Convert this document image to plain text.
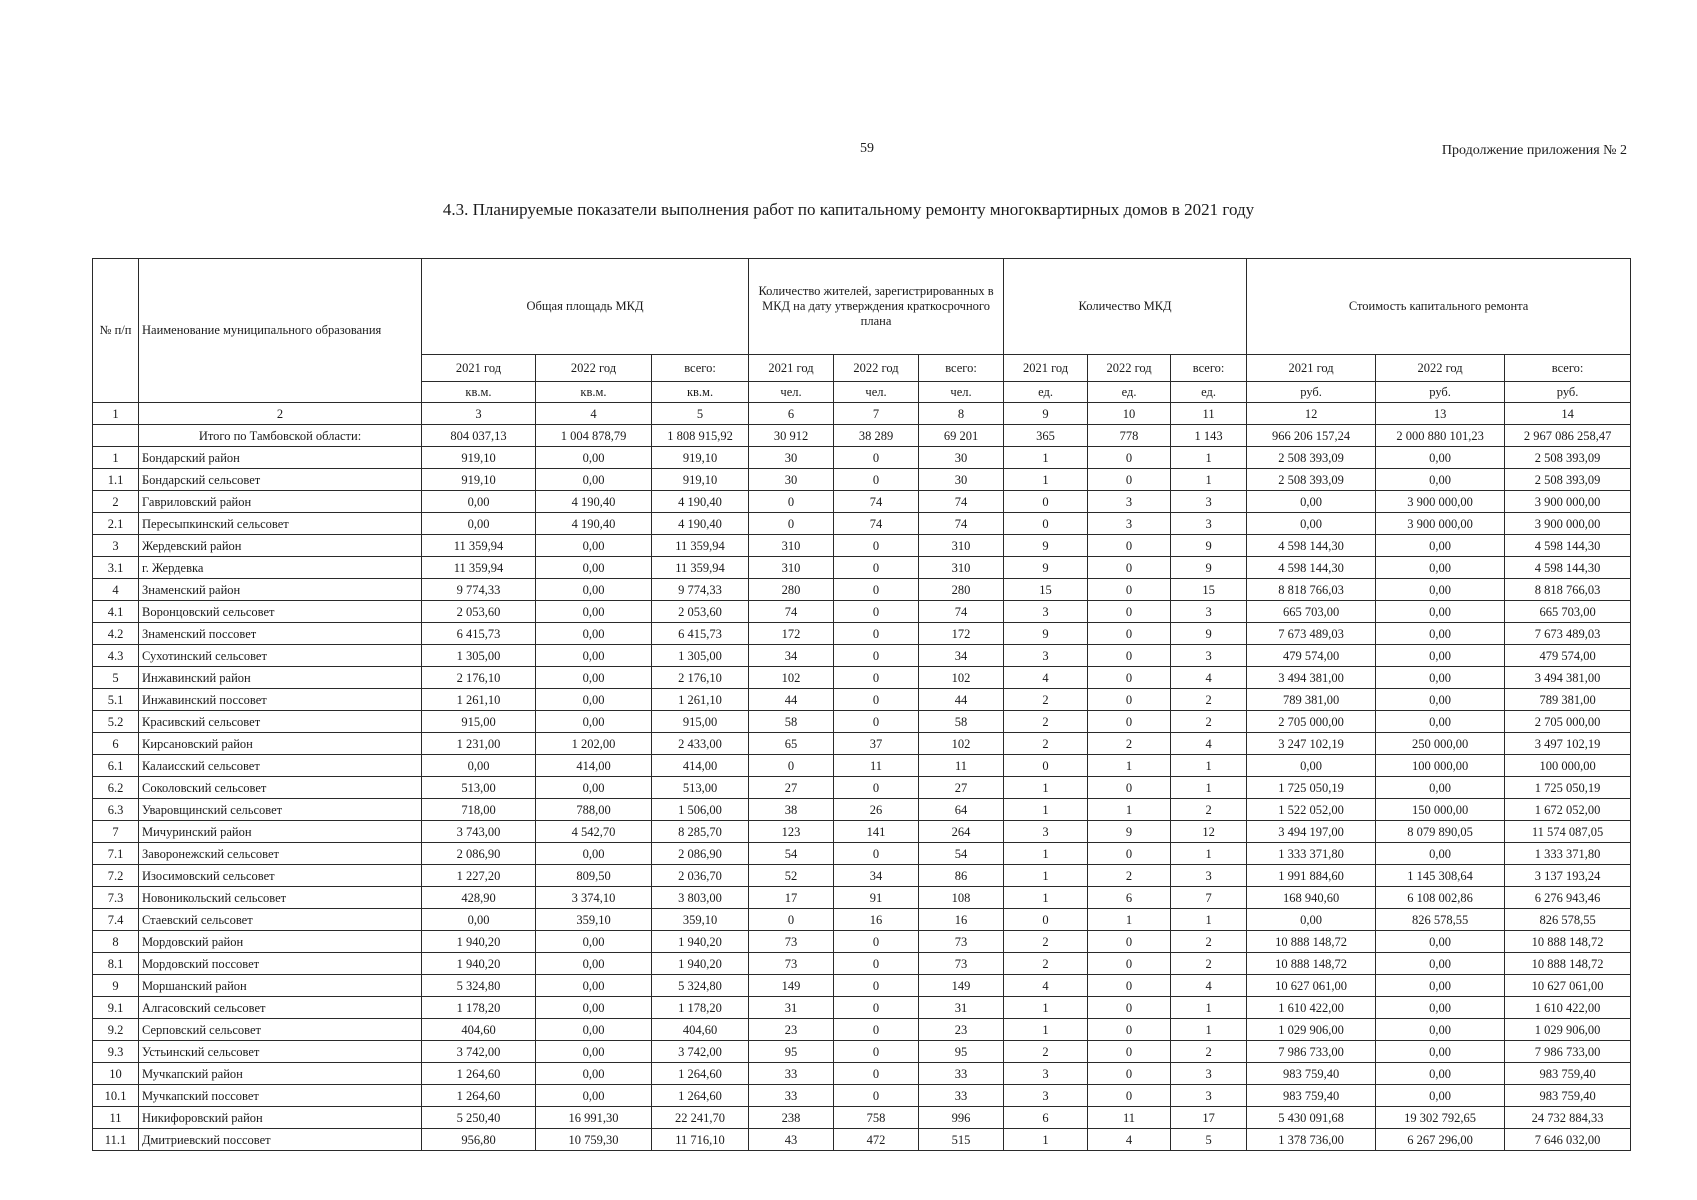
59	Продолжение приложения № 2
4.3. Планируемые показатели выполнения работ по капитальному ремонту многоквартирных домов в 2021 году
№ п/п	Наименование муниципального образования	Общая площадь МКД			Количество жителей, зарегистрированных в МКД на дату утверждения краткосрочного плана			Количество МКД			Стоимость капитального ремонта		
		2021 год	2022 год	всего:	2021 год	2022 год	всего:	2021 год	2022 год	всего:	2021 год	2022 год	всего:
		кв.м.	кв.м.	кв.м.	чел.	чел.	чел.	ед.	ед.	ед.	руб.	руб.	руб.
1	2	3	4	5	6	7	8	9	10	11	12	13	14
	Итого по Тамбовской области:	804 037,13	1 004 878,79	1 808 915,92	30 912	38 289	69 201	365	778	1 143	966 206 157,24	2 000 880 101,23	2 967 086 258,47
1	Бондарский район	919,10	0,00	919,10	30	0	30	1	0	1	2 508 393,09	0,00	2 508 393,09
1.1	Бондарский сельсовет	919,10	0,00	919,10	30	0	30	1	0	1	2 508 393,09	0,00	2 508 393,09
2	Гавриловский район	0,00	4 190,40	4 190,40	0	74	74	0	3	3	0,00	3 900 000,00	3 900 000,00
2.1	Пересыпкинский сельсовет	0,00	4 190,40	4 190,40	0	74	74	0	3	3	0,00	3 900 000,00	3 900 000,00
3	Жердевский район	11 359,94	0,00	11 359,94	310	0	310	9	0	9	4 598 144,30	0,00	4 598 144,30
3.1	г. Жердевка	11 359,94	0,00	11 359,94	310	0	310	9	0	9	4 598 144,30	0,00	4 598 144,30
4	Знаменский район	9 774,33	0,00	9 774,33	280	0	280	15	0	15	8 818 766,03	0,00	8 818 766,03
4.1	Воронцовский сельсовет	2 053,60	0,00	2 053,60	74	0	74	3	0	3	665 703,00	0,00	665 703,00
4.2	Знаменский поссовет	6 415,73	0,00	6 415,73	172	0	172	9	0	9	7 673 489,03	0,00	7 673 489,03
4.3	Сухотинский сельсовет	1 305,00	0,00	1 305,00	34	0	34	3	0	3	479 574,00	0,00	479 574,00
5	Инжавинский район	2 176,10	0,00	2 176,10	102	0	102	4	0	4	3 494 381,00	0,00	3 494 381,00
5.1	Инжавинский поссовет	1 261,10	0,00	1 261,10	44	0	44	2	0	2	789 381,00	0,00	789 381,00
5.2	Красивский сельсовет	915,00	0,00	915,00	58	0	58	2	0	2	2 705 000,00	0,00	2 705 000,00
6	Кирсановский район	1 231,00	1 202,00	2 433,00	65	37	102	2	2	4	3 247 102,19	250 000,00	3 497 102,19
6.1	Калаисский сельсовет	0,00	414,00	414,00	0	11	11	0	1	1	0,00	100 000,00	100 000,00
6.2	Соколовский сельсовет	513,00	0,00	513,00	27	0	27	1	0	1	1 725 050,19	0,00	1 725 050,19
6.3	Уваровщинский сельсовет	718,00	788,00	1 506,00	38	26	64	1	1	2	1 522 052,00	150 000,00	1 672 052,00
7	Мичуринский район	3 743,00	4 542,70	8 285,70	123	141	264	3	9	12	3 494 197,00	8 079 890,05	11 574 087,05
7.1	Заворонежский сельсовет	2 086,90	0,00	2 086,90	54	0	54	1	0	1	1 333 371,80	0,00	1 333 371,80
7.2	Изосимовский сельсовет	1 227,20	809,50	2 036,70	52	34	86	1	2	3	1 991 884,60	1 145 308,64	3 137 193,24
7.3	Новоникольский сельсовет	428,90	3 374,10	3 803,00	17	91	108	1	6	7	168 940,60	6 108 002,86	6 276 943,46
7.4	Стаевский сельсовет	0,00	359,10	359,10	0	16	16	0	1	1	0,00	826 578,55	826 578,55
8	Мордовский район	1 940,20	0,00	1 940,20	73	0	73	2	0	2	10 888 148,72	0,00	10 888 148,72
8.1	Мордовский поссовет	1 940,20	0,00	1 940,20	73	0	73	2	0	2	10 888 148,72	0,00	10 888 148,72
9	Моршанский район	5 324,80	0,00	5 324,80	149	0	149	4	0	4	10 627 061,00	0,00	10 627 061,00
9.1	Алгасовский сельсовет	1 178,20	0,00	1 178,20	31	0	31	1	0	1	1 610 422,00	0,00	1 610 422,00
9.2	Серповский сельсовет	404,60	0,00	404,60	23	0	23	1	0	1	1 029 906,00	0,00	1 029 906,00
9.3	Устьинский сельсовет	3 742,00	0,00	3 742,00	95	0	95	2	0	2	7 986 733,00	0,00	7 986 733,00
10	Мучкапский район	1 264,60	0,00	1 264,60	33	0	33	3	0	3	983 759,40	0,00	983 759,40
10.1	Мучкапский поссовет	1 264,60	0,00	1 264,60	33	0	33	3	0	3	983 759,40	0,00	983 759,40
11	Никифоровский район	5 250,40	16 991,30	22 241,70	238	758	996	6	11	17	5 430 091,68	19 302 792,65	24 732 884,33
11.1	Дмитриевский поссовет	956,80	10 759,30	11 716,10	43	472	515	1	4	5	1 378 736,00	6 267 296,00	7 646 032,00
